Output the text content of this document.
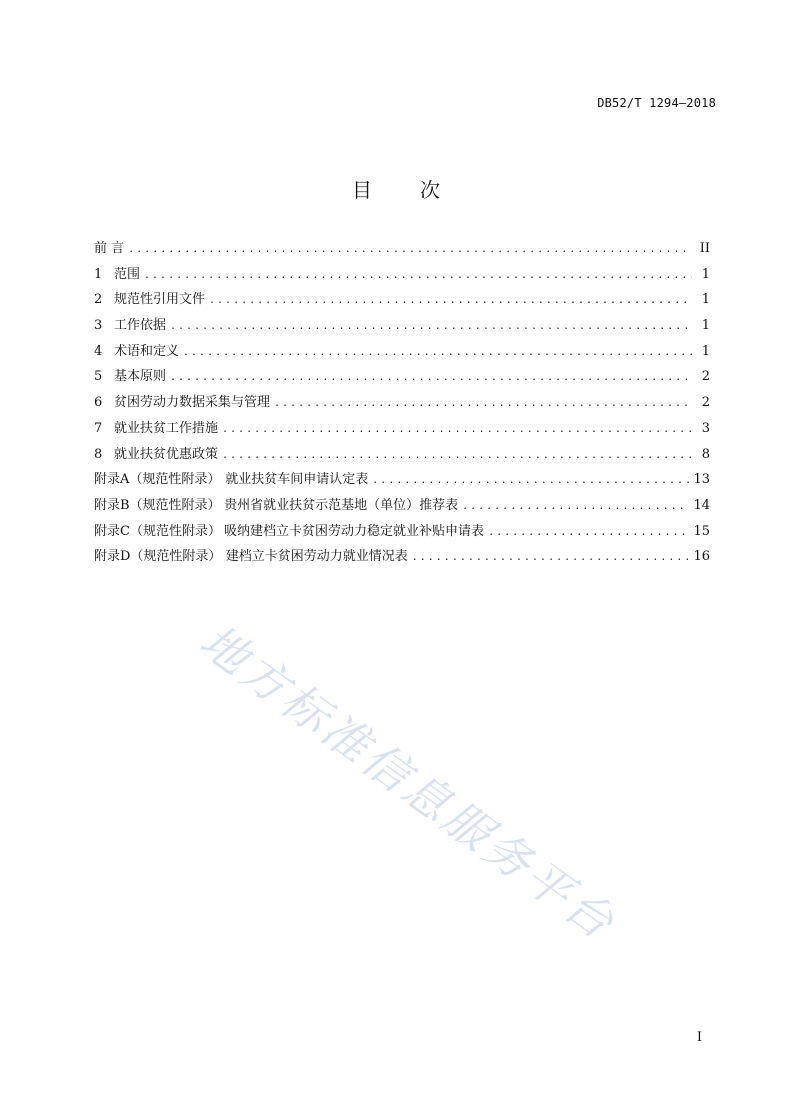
DB52/T 1294—2018
目次
前 言 .....	II
1 范围 .....	1
2 规范性引用文件 .....	1
3 工作依据 .....	1
4 术语和定义 .....	1
5 基本原则 .....	2
6 贫困劳动力数据采集与管理 .....	2
7 就业扶贫工作措施 .....	3
8 就业扶贫优惠政策 .....	8
附录A（规范性附录） 就业扶贫车间申请认定表 .....	13
附录B（规范性附录） 贵州省就业扶贫示范基地（单位）推荐表 .....	14
附录C（规范性附录） 吸纳建档立卡贫困劳动力稳定就业补贴申请表 .....	15
附录D（规范性附录） 建档立卡贫困劳动力就业情况表 .....	16
地方标准信息服务平台
I
